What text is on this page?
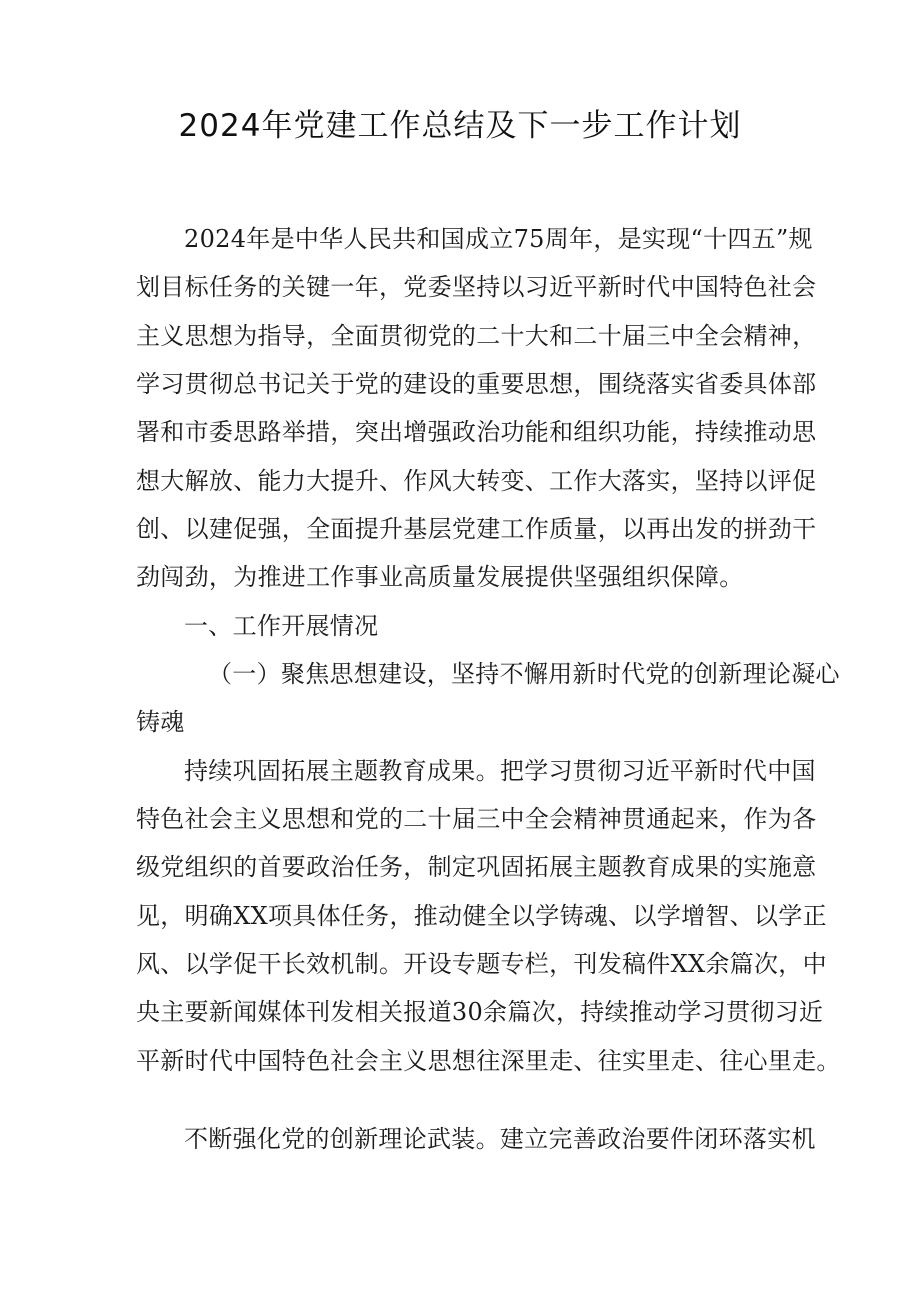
2024年党建工作总结及下一步工作计划
2024年是中华人民共和国成立75周年，是实现“十四五”规
划目标任务的关键一年，党委坚持以习近平新时代中国特色社会
主义思想为指导，全面贯彻党的二十大和二十届三中全会精神，
学习贯彻总书记关于党的建设的重要思想，围绕落实省委具体部
署和市委思路举措，突出增强政治功能和组织功能，持续推动思
想大解放、能力大提升、作风大转变、工作大落实，坚持以评促
创、以建促强，全面提升基层党建工作质量，以再出发的拼劲干
劲闯劲，为推进工作事业高质量发展提供坚强组织保障。
一、工作开展情况
（一）聚焦思想建设，坚持不懈用新时代党的创新理论凝心
铸魂
持续巩固拓展主题教育成果。把学习贯彻习近平新时代中国
特色社会主义思想和党的二十届三中全会精神贯通起来，作为各
级党组织的首要政治任务，制定巩固拓展主题教育成果的实施意
见，明确XX项具体任务，推动健全以学铸魂、以学增智、以学正
风、以学促干长效机制。开设专题专栏，刊发稿件XX余篇次，中
央主要新闻媒体刊发相关报道30余篇次，持续推动学习贯彻习近
平新时代中国特色社会主义思想往深里走、往实里走、往心里走。
不断强化党的创新理论武装。建立完善政治要件闭环落实机
